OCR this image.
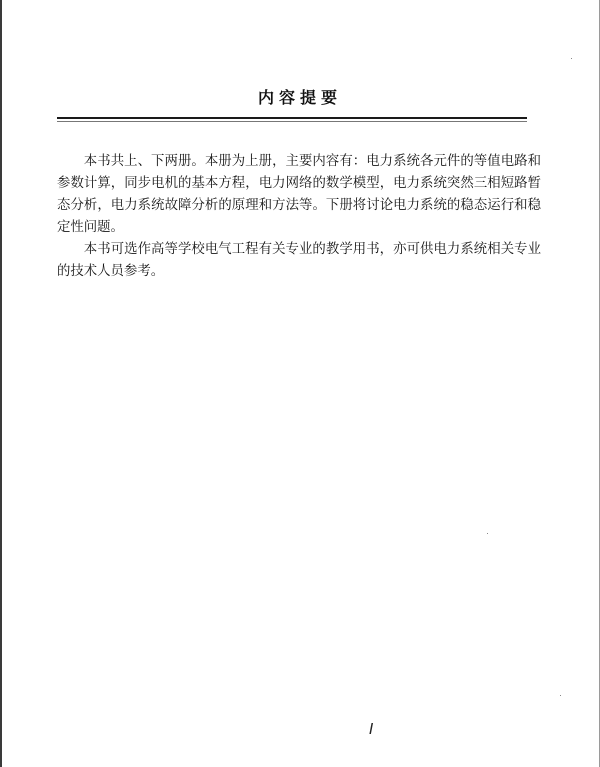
内容提要

本书共上、下两册。本册为上册，主要内容有：电力系统各元件的等值电路和参数计算，同步电机的基本方程，电力网络的数学模型，电力系统突然三相短路暂态分析，电力系统故障分析的原理和方法等。下册将讨论电力系统的稳态运行和稳定性问题。

本书可选作高等学校电气工程有关专业的教学用书，亦可供电力系统相关专业的技术人员参考。

I
